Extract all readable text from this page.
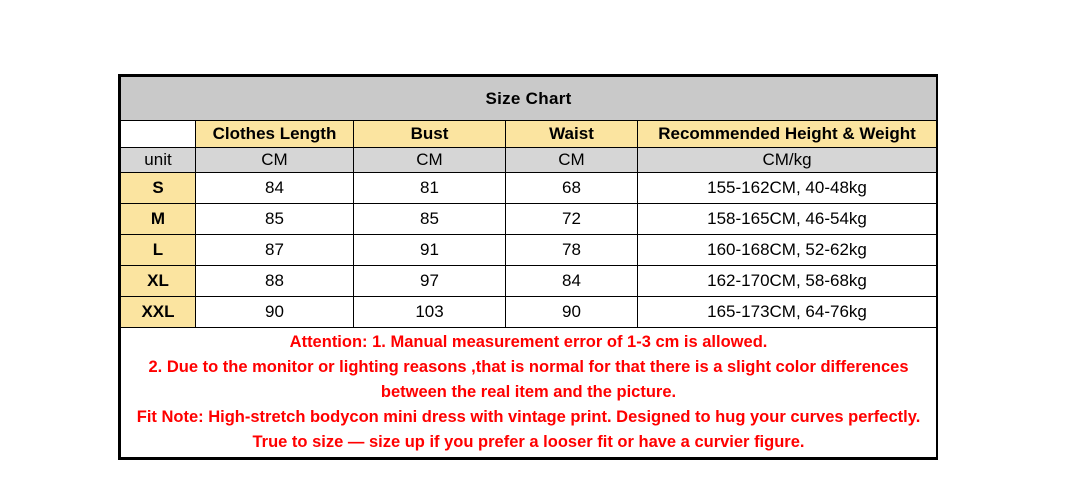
Size Chart				
	Clothes Length	Bust	Waist	Recommended Height & Weight
unit	CM	CM	CM	CM/kg
S	84	81	68	155-162CM, 40-48kg
M	85	85	72	158-165CM, 46-54kg
L	87	91	78	160-168CM, 52-62kg
XL	88	97	84	162-170CM, 58-68kg
XXL	90	103	90	165-173CM, 64-76kg

Attention: 1. Manual measurement error of 1-3 cm is allowed.
2. Due to the monitor or lighting reasons ,that is normal for that there is a slight color differences between the real item and the picture.
Fit Note: High-stretch bodycon mini dress with vintage print. Designed to hug your curves perfectly. True to size — size up if you prefer a looser fit or have a curvier figure.				
